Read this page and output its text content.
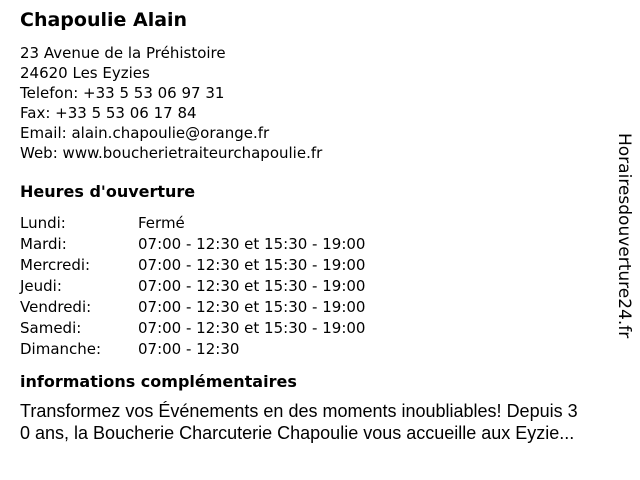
Chapoulie Alain
23 Avenue de la Préhistoire
24620 Les Eyzies
Telefon: +33 5 53 06 97 31
Fax: +33 5 53 06 17 84
Email: alain.chapoulie@orange.fr
Web: www.boucherietraiteurchapoulie.fr
Heures d'ouverture
Lundi:	Fermé
Mardi:	07:00 - 12:30 et 15:30 - 19:00
Mercredi:	07:00 - 12:30 et 15:30 - 19:00
Jeudi:	07:00 - 12:30 et 15:30 - 19:00
Vendredi:	07:00 - 12:30 et 15:30 - 19:00
Samedi:	07:00 - 12:30 et 15:30 - 19:00
Dimanche:	07:00 - 12:30
informations complémentaires
Transformez vos Événements en des moments inoubliables! Depuis 3
0 ans, la Boucherie Charcuterie Chapoulie vous accueille aux Eyzie...
Horairesdouverture24.fr
